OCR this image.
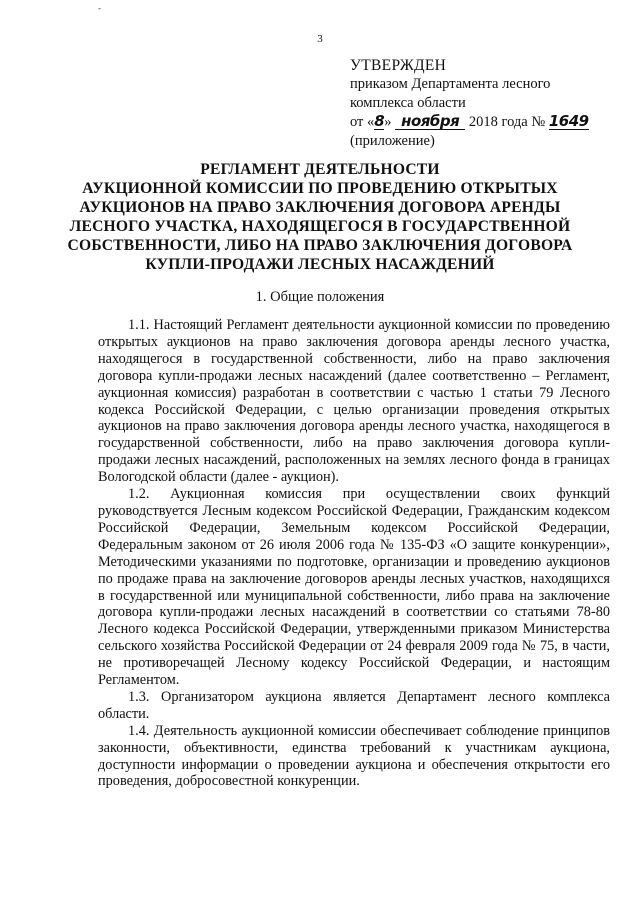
-
3
УТВЕРЖДЕН
приказом Департамента лесного
комплекса области
от «8» ноября 2018 года № 1649
(приложение)
РЕГЛАМЕНТ ДЕЯТЕЛЬНОСТИ
АУКЦИОННОЙ КОМИССИИ ПО ПРОВЕДЕНИЮ ОТКРЫТЫХ
АУКЦИОНОВ НА ПРАВО ЗАКЛЮЧЕНИЯ ДОГОВОРА АРЕНДЫ
ЛЕСНОГО УЧАСТКА, НАХОДЯЩЕГОСЯ В ГОСУДАРСТВЕННОЙ
СОБСТВЕННОСТИ, ЛИБО НА ПРАВО ЗАКЛЮЧЕНИЯ ДОГОВОРА
КУПЛИ-ПРОДАЖИ ЛЕСНЫХ НАСАЖДЕНИЙ
1. Общие положения

1.1. Настоящий Регламент деятельности аукционной комиссии по проведению открытых аукционов на право заключения договора аренды лесного участка, находящегося в государственной собственности, либо на право заключения договора купли-продажи лесных насаждений (далее соответственно – Регламент, аукционная комиссия) разработан в соответствии с частью 1 статьи 79 Лесного кодекса Российской Федерации, с целью организации проведения открытых аукционов на право заключения договора аренды лесного участка, находящегося в государственной собственности, либо на право заключения договора купли-продажи лесных насаждений, расположенных на землях лесного фонда в границах Вологодской области (далее - аукцион).

1.2. Аукционная комиссия при осуществлении своих функций руководствуется Лесным кодексом Российской Федерации, Гражданским кодексом Российской Федерации, Земельным кодексом Российской Федерации, Федеральным законом от 26 июля 2006 года № 135-ФЗ «О защите конкуренции», Методическими указаниями по подготовке, организации и проведению аукционов по продаже права на заключение договоров аренды лесных участков, находящихся в государственной или муниципальной собственности, либо права на заключение договора купли-продажи лесных насаждений в соответствии со статьями 78-80 Лесного кодекса Российской Федерации, утвержденными приказом Министерства сельского хозяйства Российской Федерации от 24 февраля 2009 года № 75, в части, не противоречащей Лесному кодексу Российской Федерации, и настоящим Регламентом.

1.3. Организатором аукциона является Департамент лесного комплекса области.

1.4. Деятельность аукционной комиссии обеспечивает соблюдение принципов законности, объективности, единства требований к участникам аукциона, доступности информации о проведении аукциона и обеспечения открытости его проведения, добросовестной конкуренции.
